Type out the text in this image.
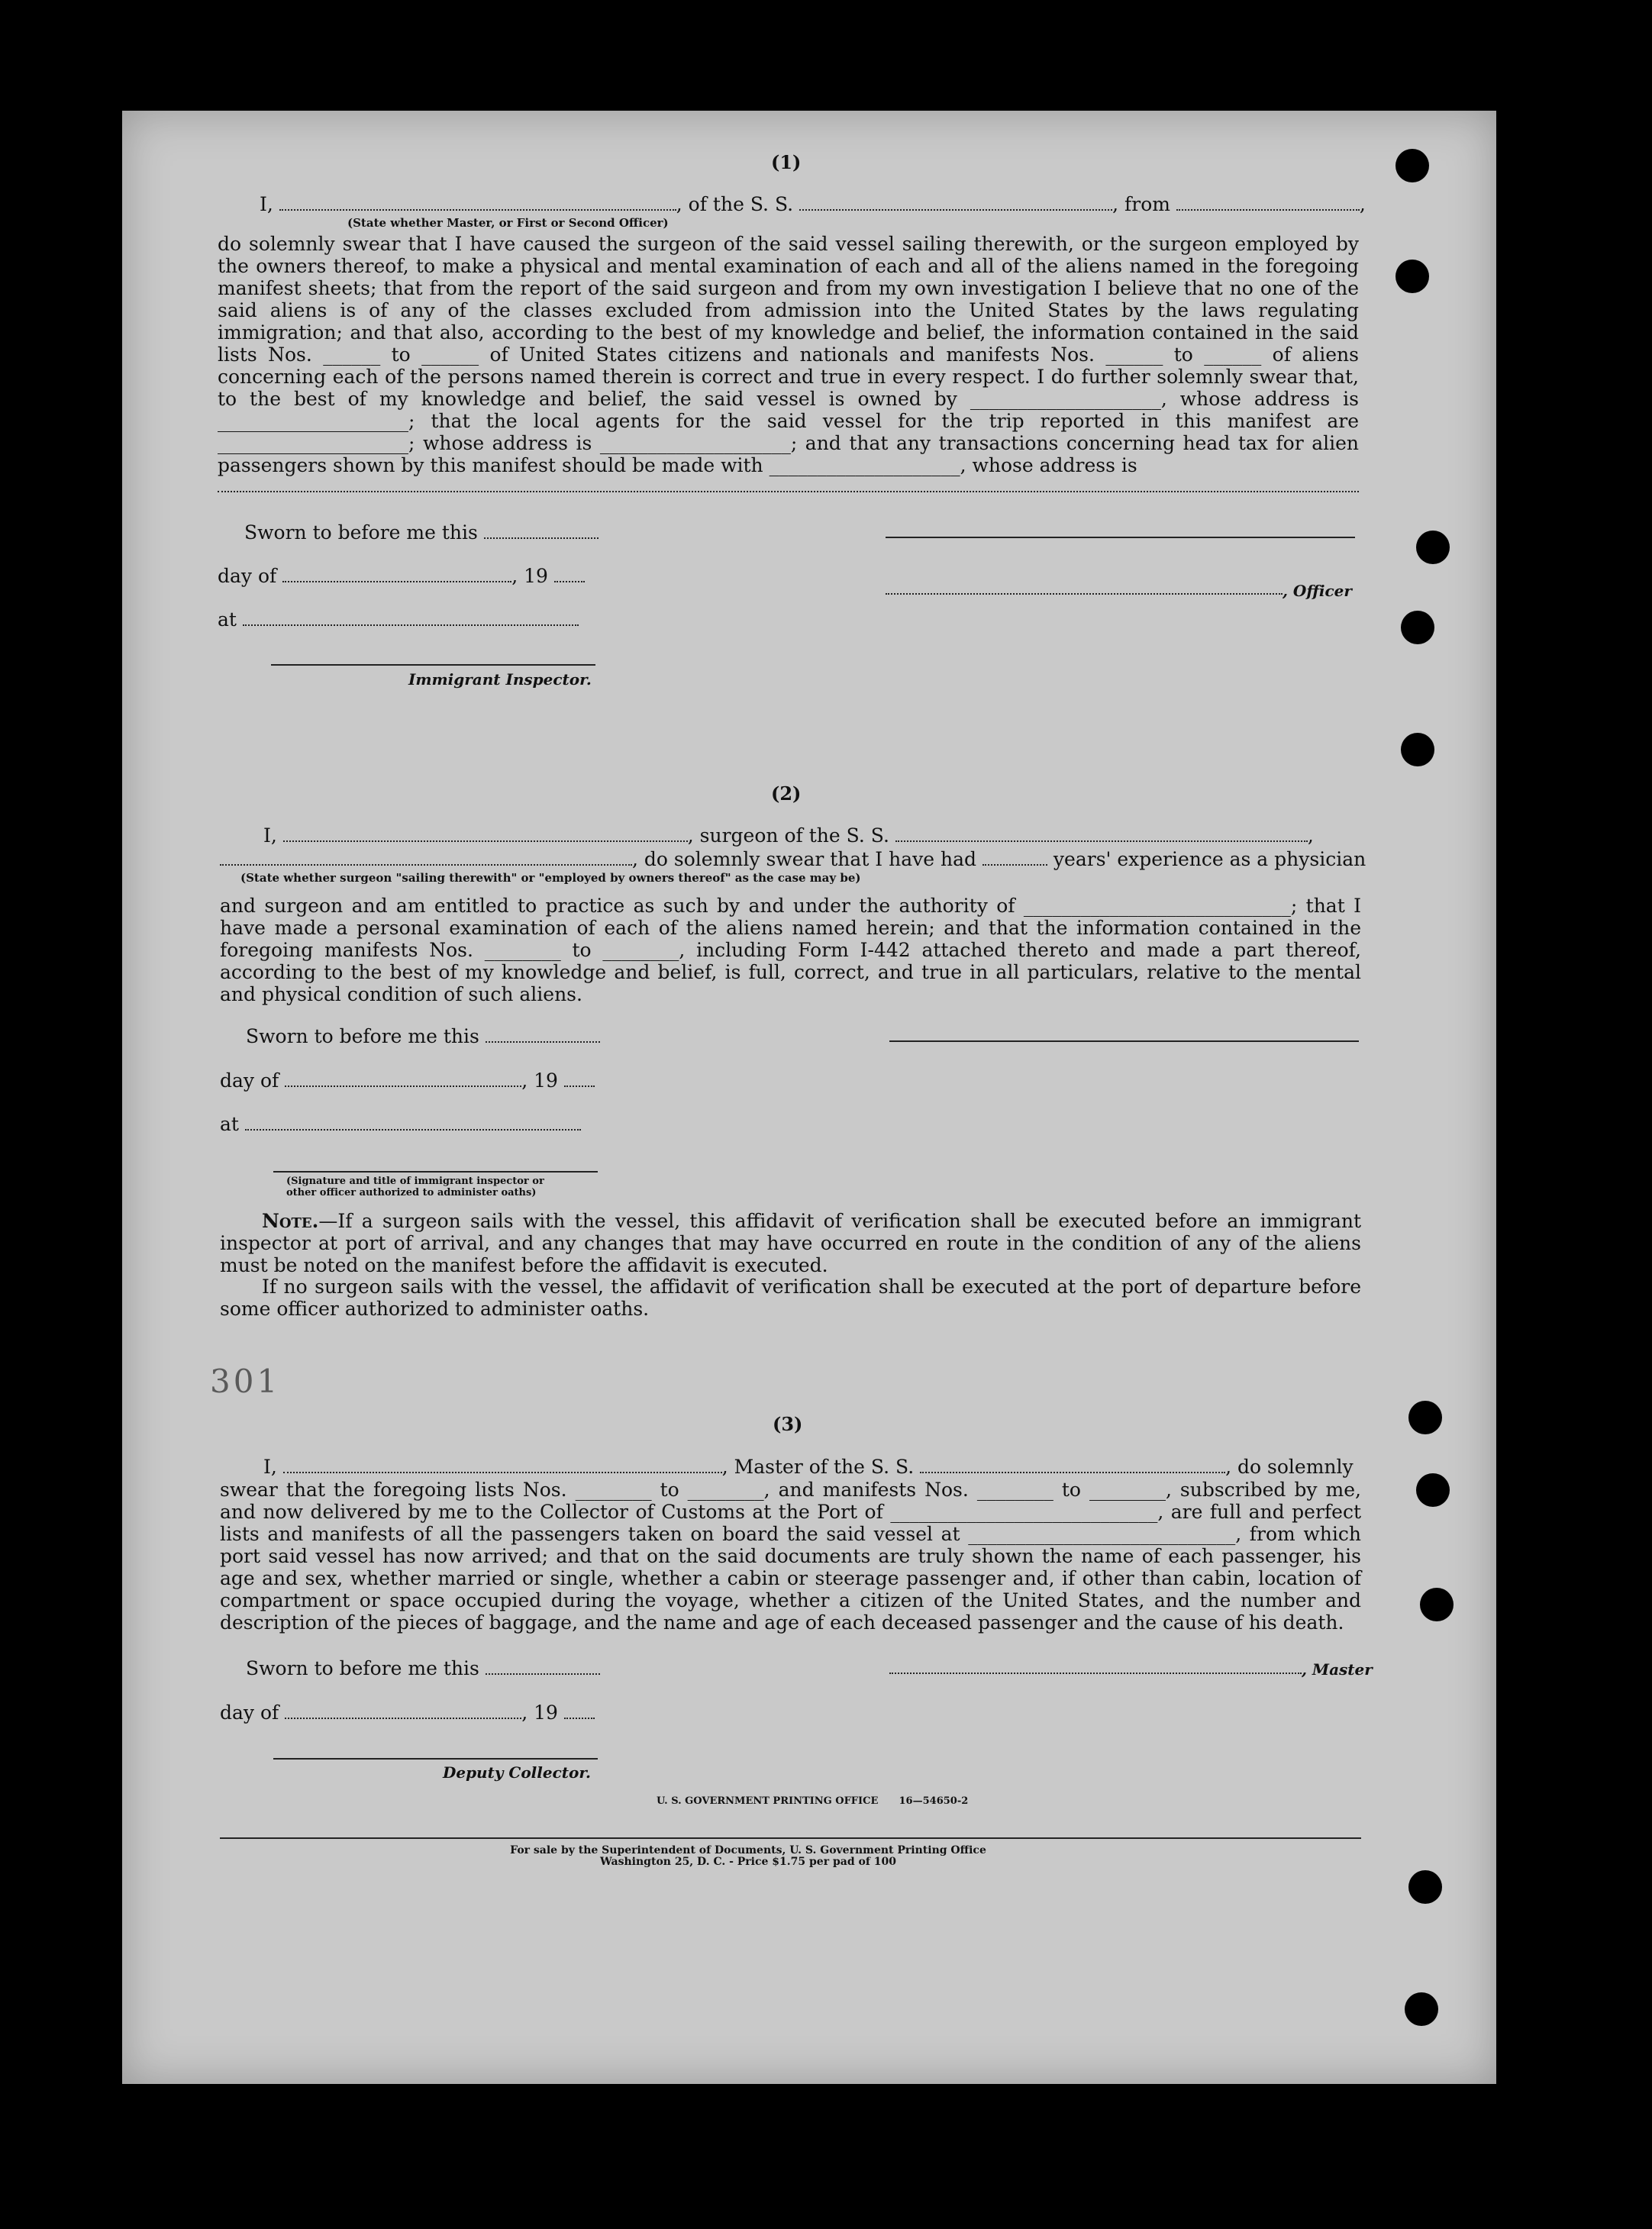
(1)
I,	, of the S. S.	, from	,
(State whether Master, or First or Second Officer)
do solemnly swear that I have caused the surgeon of the said vessel sailing therewith, or the surgeon employed by the owners thereof, to make a physical and mental examination of each and all of the aliens named in the foregoing manifest sheets; that from the report of the said surgeon and from my own investigation I believe that no one of the said aliens is of any of the classes excluded from admission into the United States by the laws regulating immigration; and that also, according to the best of my knowledge and belief, the information contained in the said lists Nos. ______ to ______ of United States citizens and nationals and manifests Nos. ______ to ______ of aliens concerning each of the persons named therein is correct and true in every respect. I do further solemnly swear that, to the best of my knowledge and belief, the said vessel is owned by ____________________, whose address is ____________________; that the local agents for the said vessel for the trip reported in this manifest are ____________________; whose address is ____________________; and that any transactions concerning head tax for alien passengers shown by this manifest should be made with ____________________, whose address is
Sworn to before me this
day of	, 19
at
Immigrant Inspector.
, Officer
(2)
I,	, surgeon of the S. S.	,
, do solemnly swear that I have had	years' experience as a physician
(State whether surgeon "sailing therewith" or "employed by owners thereof" as the case may be)
and surgeon and am entitled to practice as such by and under the authority of ____________________________; that I have made a personal examination of each of the aliens named herein; and that the information contained in the foregoing manifests Nos. ________ to ________, including Form I-442 attached thereto and made a part thereof, according to the best of my knowledge and belief, is full, correct, and true in all particulars, relative to the mental and physical condition of such aliens.
Sworn to before me this
day of	, 19
at
(Signature and title of immigrant inspector or
other officer authorized to administer oaths)
Note.—If a surgeon sails with the vessel, this affidavit of verification shall be executed before an immigrant inspector at port of arrival, and any changes that may have occurred en route in the condition of any of the aliens must be noted on the manifest before the affidavit is executed.
If no surgeon sails with the vessel, the affidavit of verification shall be executed at the port of departure before some officer authorized to administer oaths.
301
(3)
I,	, Master of the S. S.	, do solemnly
swear that the foregoing lists Nos. ________ to ________, and manifests Nos. ________ to ________, subscribed by me, and now delivered by me to the Collector of Customs at the Port of ____________________________, are full and perfect lists and manifests of all the passengers taken on board the said vessel at ____________________________, from which port said vessel has now arrived; and that on the said documents are truly shown the name of each passenger, his age and sex, whether married or single, whether a cabin or steerage passenger and, if other than cabin, location of compartment or space occupied during the voyage, whether a citizen of the United States, and the number and description of the pieces of baggage, and the name and age of each deceased passenger and the cause of his death.
Sworn to before me this
day of	, 19
Deputy Collector.
, Master
U. S. GOVERNMENT PRINTING OFFICE      16—54650-2
For sale by the Superintendent of Documents, U. S. Government Printing Office
Washington 25, D. C. - Price $1.75 per pad of 100
